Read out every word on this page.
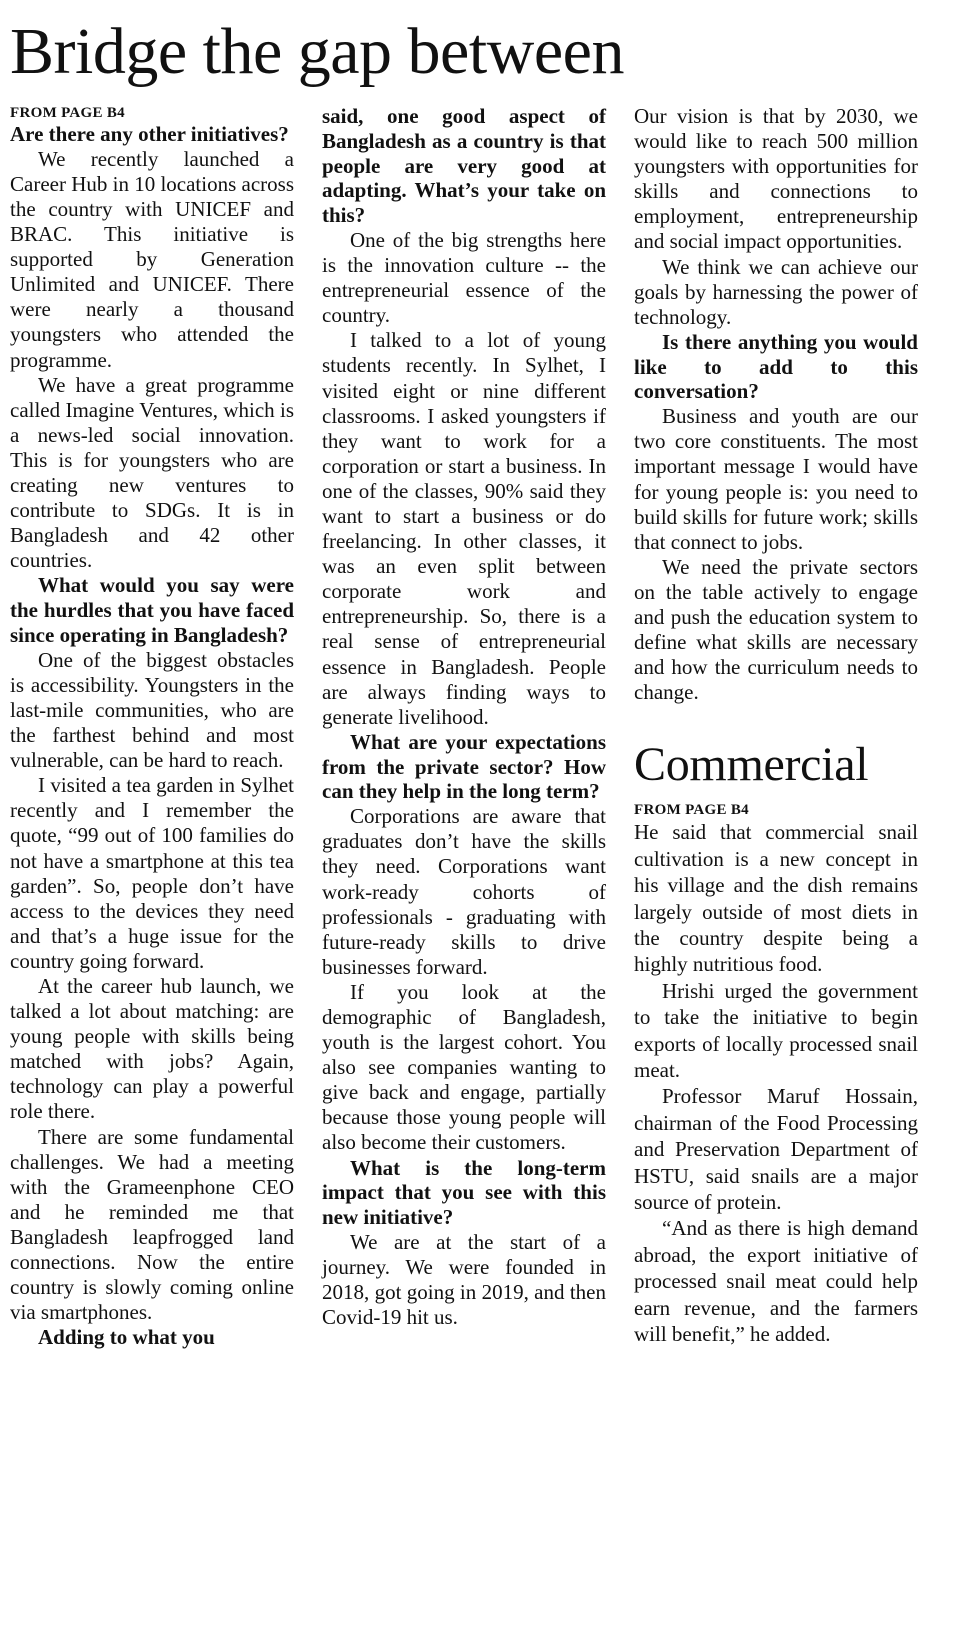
Bridge the gap between
FROM PAGE B4

Are there any other initiatives?

We recently launched a Career Hub in 10 locations across the country with UNICEF and BRAC. This initiative is supported by Generation Unlimited and UNICEF. There were nearly a thousand youngsters who attended the programme.

We have a great programme called Imagine Ventures, which is a news-led social innovation. This is for youngsters who are creating new ventures to contribute to SDGs. It is in Bangladesh and 42 other countries.

What would you say were the hurdles that you have faced since operating in Bangladesh?

One of the biggest obstacles is accessibility. Youngsters in the last-mile communities, who are the farthest behind and most vulnerable, can be hard to reach.

I visited a tea garden in Sylhet recently and I remember the quote, “99 out of 100 families do not have a smartphone at this tea garden”. So, people don’t have access to the devices they need and that’s a huge issue for the country going forward.

At the career hub launch, we talked a lot about matching: are young people with skills being matched with jobs? Again, technology can play a powerful role there.

There are some fundamental challenges. We had a meeting with the Grameenphone CEO and he reminded me that Bangladesh leapfrogged land connections. Now the entire country is slowly coming online via smartphones.

Adding to what you

said, one good aspect of Bangladesh as a country is that people are very good at adapting. What’s your take on this?

One of the big strengths here is the innovation culture -- the entrepreneurial essence of the country.

I talked to a lot of young students recently. In Sylhet, I visited eight or nine different classrooms. I asked youngsters if they want to work for a corporation or start a business. In one of the classes, 90% said they want to start a business or do freelancing. In other classes, it was an even split between corporate work and entrepreneurship. So, there is a real sense of entrepreneurial essence in Bangladesh. People are always finding ways to generate livelihood.

What are your expectations from the private sector? How can they help in the long term?

Corporations are aware that graduates don’t have the skills they need. Corporations want work-ready cohorts of professionals - graduating with future-ready skills to drive businesses forward.

If you look at the demographic of Bangladesh, youth is the largest cohort. You also see companies wanting to give back and engage, partially because those young people will also become their customers.

What is the long-term impact that you see with this new initiative?

We are at the start of a journey. We were founded in 2018, got going in 2019, and then Covid-19 hit us.

Our vision is that by 2030, we would like to reach 500 million youngsters with opportunities for skills and connections to employment, entrepreneurship and social impact opportunities.

We think we can achieve our goals by harnessing the power of technology.

Is there anything you would like to add to this conversation?

Business and youth are our two core constituents. The most important message I would have for young people is: you need to build skills for future work; skills that connect to jobs.

We need the private sectors on the table actively to engage and push the education system to define what skills are necessary and how the curriculum needs to change.

Commercial
FROM PAGE B4

He said that commercial snail cultivation is a new concept in his village and the dish remains largely outside of most diets in the country despite being a highly nutritious food.

Hrishi urged the government to take the initiative to begin exports of locally processed snail meat.

Professor Maruf Hossain, chairman of the Food Processing and Preservation Department of HSTU, said snails are a major source of protein.

“And as there is high demand abroad, the export initiative of processed snail meat could help earn revenue, and the farmers will benefit,” he added.
